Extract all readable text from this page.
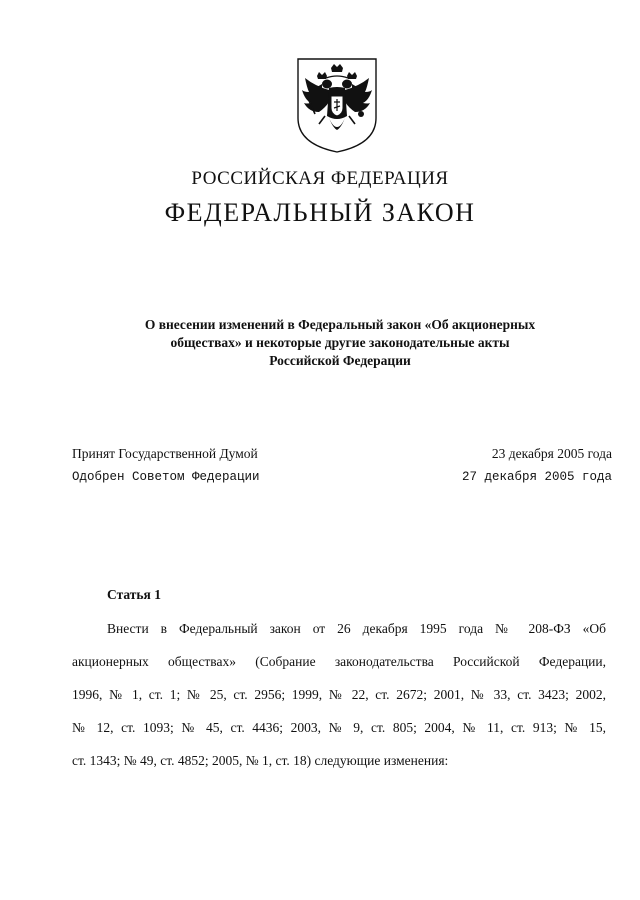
РОССИЙСКАЯ ФЕДЕРАЦИЯ
ФЕДЕРАЛЬНЫЙ ЗАКОН
О внесении изменений в Федеральный закон «Об акционерных
обществах» и некоторые другие законодательные акты
Российской Федерации
Принят Государственной Думой	23 декабря 2005 года
Одобрен Советом Федерации	27 декабря 2005 года
Статья 1
Внести в Федеральный закон от 26 декабря 1995 года № 208-ФЗ «Об
акционерных обществах» (Собрание законодательства Российской Федерации,
1996, № 1, ст. 1; № 25, ст. 2956; 1999, № 22, ст. 2672; 2001, № 33, ст. 3423; 2002,
№ 12, ст. 1093; № 45, ст. 4436; 2003, № 9, ст. 805; 2004, № 11, ст. 913; № 15,
ст. 1343; № 49, ст. 4852; 2005, № 1, ст. 18) следующие изменения:
